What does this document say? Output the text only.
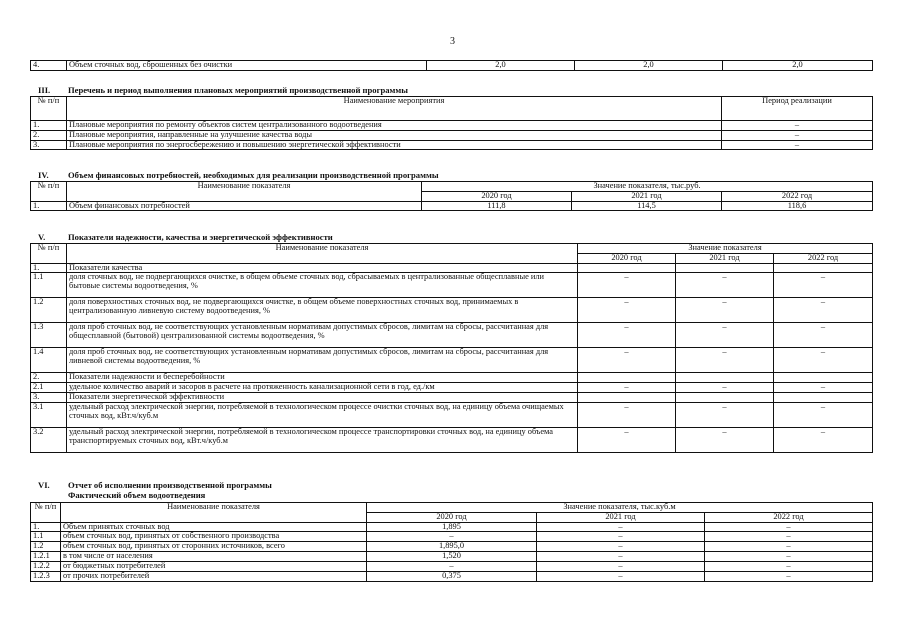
3
4.	Объем сточных вод, сброшенных без очистки	2,0	2,0	2,0
III. Перечень и период выполнения плановых мероприятий производственной программы
№ п/п	Наименование мероприятия	Период реализации
1.	Плановые мероприятия по ремонту объектов систем централизованного водоотведения	–
2.	Плановые мероприятия, направленные на улучшение качества воды	–
3.	Плановые мероприятия по энергосбережению и повышению энергетической эффективности	–
IV. Объем финансовых потребностей, необходимых для реализации производственной программы
№ п/п	Наименование показателя	Значение показателя, тыс.руб.		
		2020 год	2021 год	2022 год
1.	Объем финансовых потребностей	111,8	114,5	118,6
V.	Показатели надежности, качества и энергетической эффективности
№ п/п	Наименование показателя	Значение показателя		
		2020 год	2021 год	2022 год
1.	Показатели качества			
1.1	доля сточных вод, не подвергающихся очистке, в общем объеме сточных вод, сбрасываемых в централизованные общесплавные или бытовые системы водоотведения, %	–	–	–
1.2	доля поверхностных сточных вод, не подвергающихся очистке, в общем объеме поверхностных сточных вод, принимаемых в централизованную ливневую систему водоотведения, %	–	–	–
1.3	доля проб сточных вод, не соответствующих установленным нормативам допустимых сбросов, лимитам на сбросы, рассчитанная для общесплавной (бытовой) централизованной системы водоотведения, %	–	–	–
1.4	доля проб сточных вод, не соответствующих установленным нормативам допустимых сбросов, лимитам на сбросы, рассчитанная для ливневой системы водоотведения, %	–	–	–
2.	Показатели надежности и бесперебойности			
2.1	удельное количество аварий и засоров в расчете на протяженность канализационной сети в год, ед./км	–	–	–
3.	Показатели энергетической эффективности			
3.1	удельный расход электрической энергии, потребляемой в технологическом процессе очистки сточных вод, на единицу объема очищаемых сточных вод, кВт.ч/куб.м	–	–	–
3.2	удельный расход электрической энергии, потребляемой в технологическом процессе транспортировки сточных вод, на единицу объема транспортируемых сточных вод, кВт.ч/куб.м	–	–	–
VI. Отчет об исполнении производственной программы
Фактический объем водоотведения
№ п/п	Наименование показателя	Значение показателя, тыс.куб.м		
		2020 год	2021 год	2022 год
1.	Объем принятых сточных вод	1,895	–	–
1.1	объем сточных вод, принятых от собственного производства	–	–	–
1.2	объем сточных вод, принятых от сторонних источников, всего	1,895,0	–	–
1.2.1	в том числе от населения	1,520	–	–
1.2.2	от бюджетных потребителей	–	–	–
1.2.3	от прочих потребителей	0,375	–	–
